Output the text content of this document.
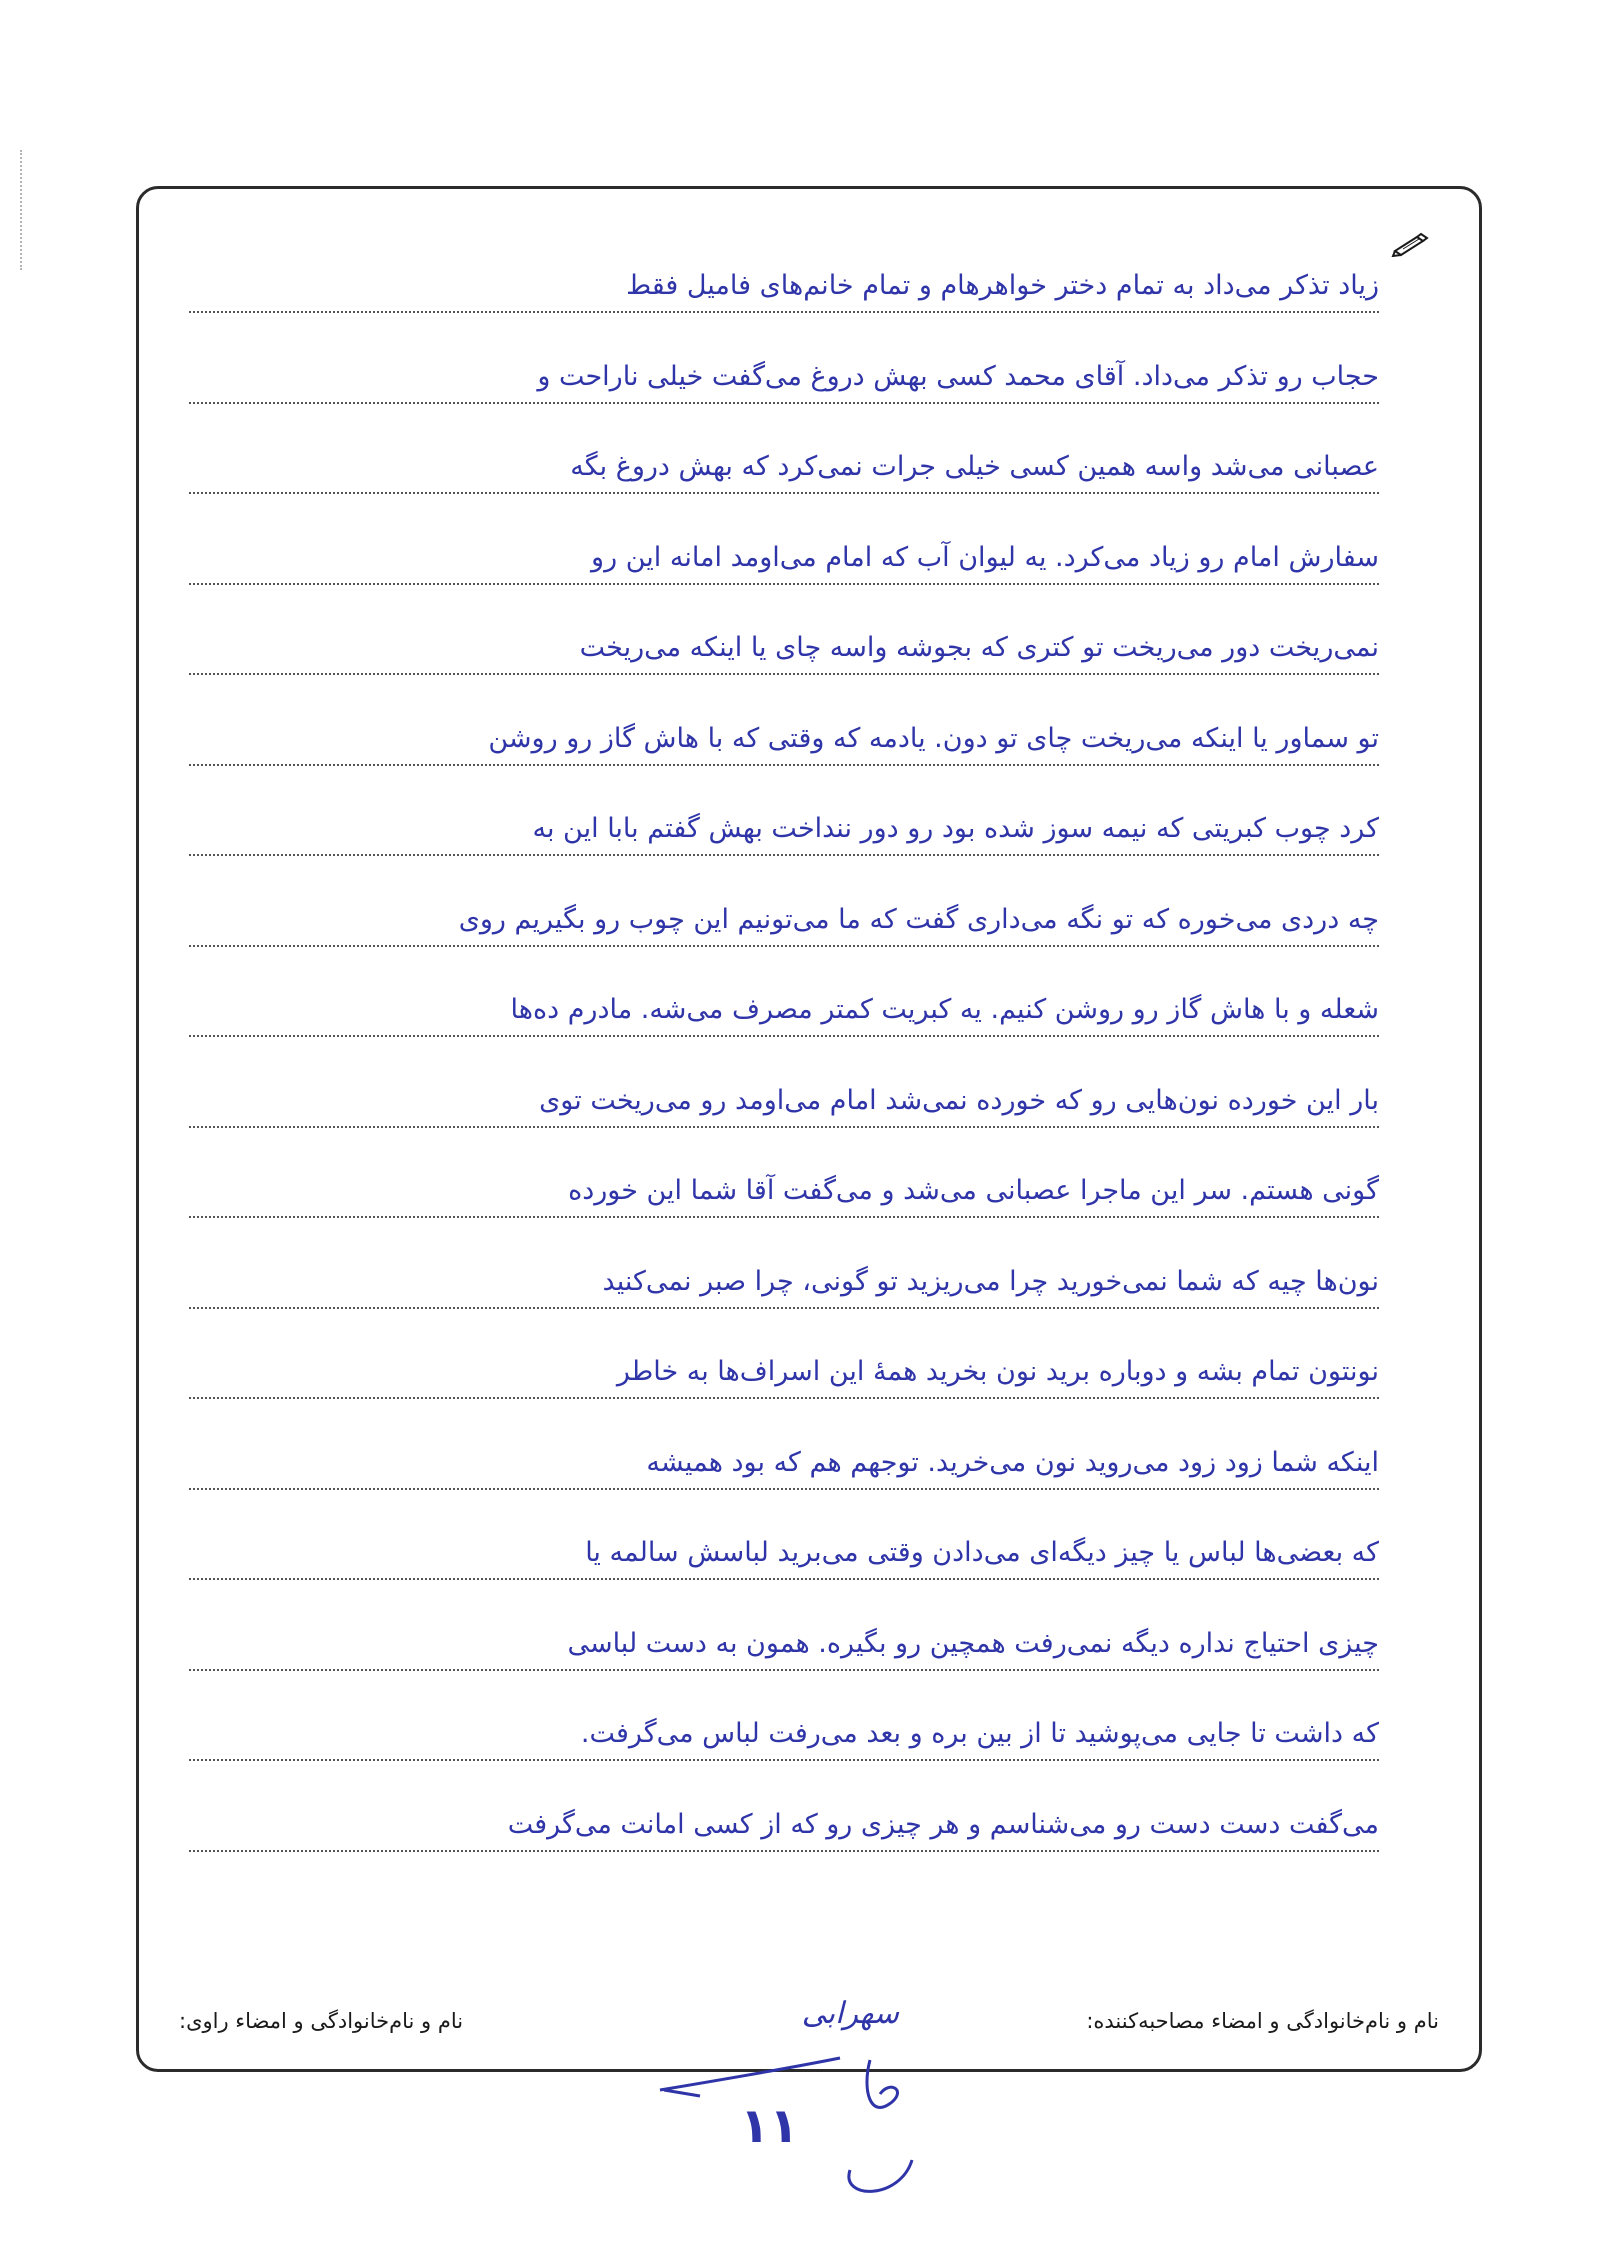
زیاد تذکر می‌داد به تمام دختر خواهرهام و تمام خانم‌های فامیل فقط
حجاب رو تذکر می‌داد. آقای محمد کسی بهش دروغ می‌گفت خیلی ناراحت و
عصبانی می‌شد واسه همین کسی خیلی جرات نمی‌کرد که بهش دروغ بگه
سفارش امام رو زیاد می‌کرد. یه لیوان آب که امام می‌اومد امانه این رو
نمی‌ریخت دور می‌ریخت تو کتری که بجوشه واسه چای یا اینکه می‌ریخت
تو سماور یا اینکه می‌ریخت چای تو دون. یادمه که وقتی که با هاش گاز رو روشن
کرد چوب کبریتی که نیمه سوز شده بود رو دور ننداخت بهش گفتم بابا این به
چه دردی می‌خوره که تو نگه می‌داری گفت که ما می‌تونیم این چوب رو بگیریم روی
شعله و با هاش گاز رو روشن کنیم. یه کبریت کمتر مصرف می‌شه. مادرم ده‌ها
بار این خورده نون‌هایی رو که خورده نمی‌شد امام می‌اومد رو می‌ریخت توی
گونی هستم. سر این ماجرا عصبانی می‌شد و می‌گفت آقا شما این خورده
نون‌ها چیه که شما نمی‌خورید چرا می‌ریزید تو گونی، چرا صبر نمی‌کنید
نونتون تمام بشه و دوباره برید نون بخرید همهٔ این اسراف‌ها به خاطر
اینکه شما زود زود می‌روید نون می‌خرید. توجهم هم که بود همیشه
که بعضی‌ها لباس یا چیز دیگه‌ای می‌دادن وقتی می‌برید لباسش سالمه یا
چیزی احتیاج نداره دیگه نمی‌رفت همچین رو بگیره. همون به دست لباسی
که داشت تا جایی می‌پوشید تا از بین بره و بعد می‌رفت لباس می‌گرفت.
می‌گفت دست دست رو می‌شناسم و هر چیزی رو که از کسی امانت می‌گرفت
نام و نام‌خانوادگی و امضاء مصاحبه‌کننده:
سهرابی
نام و نام‌خانوادگی و امضاء راوی:
۱۱
